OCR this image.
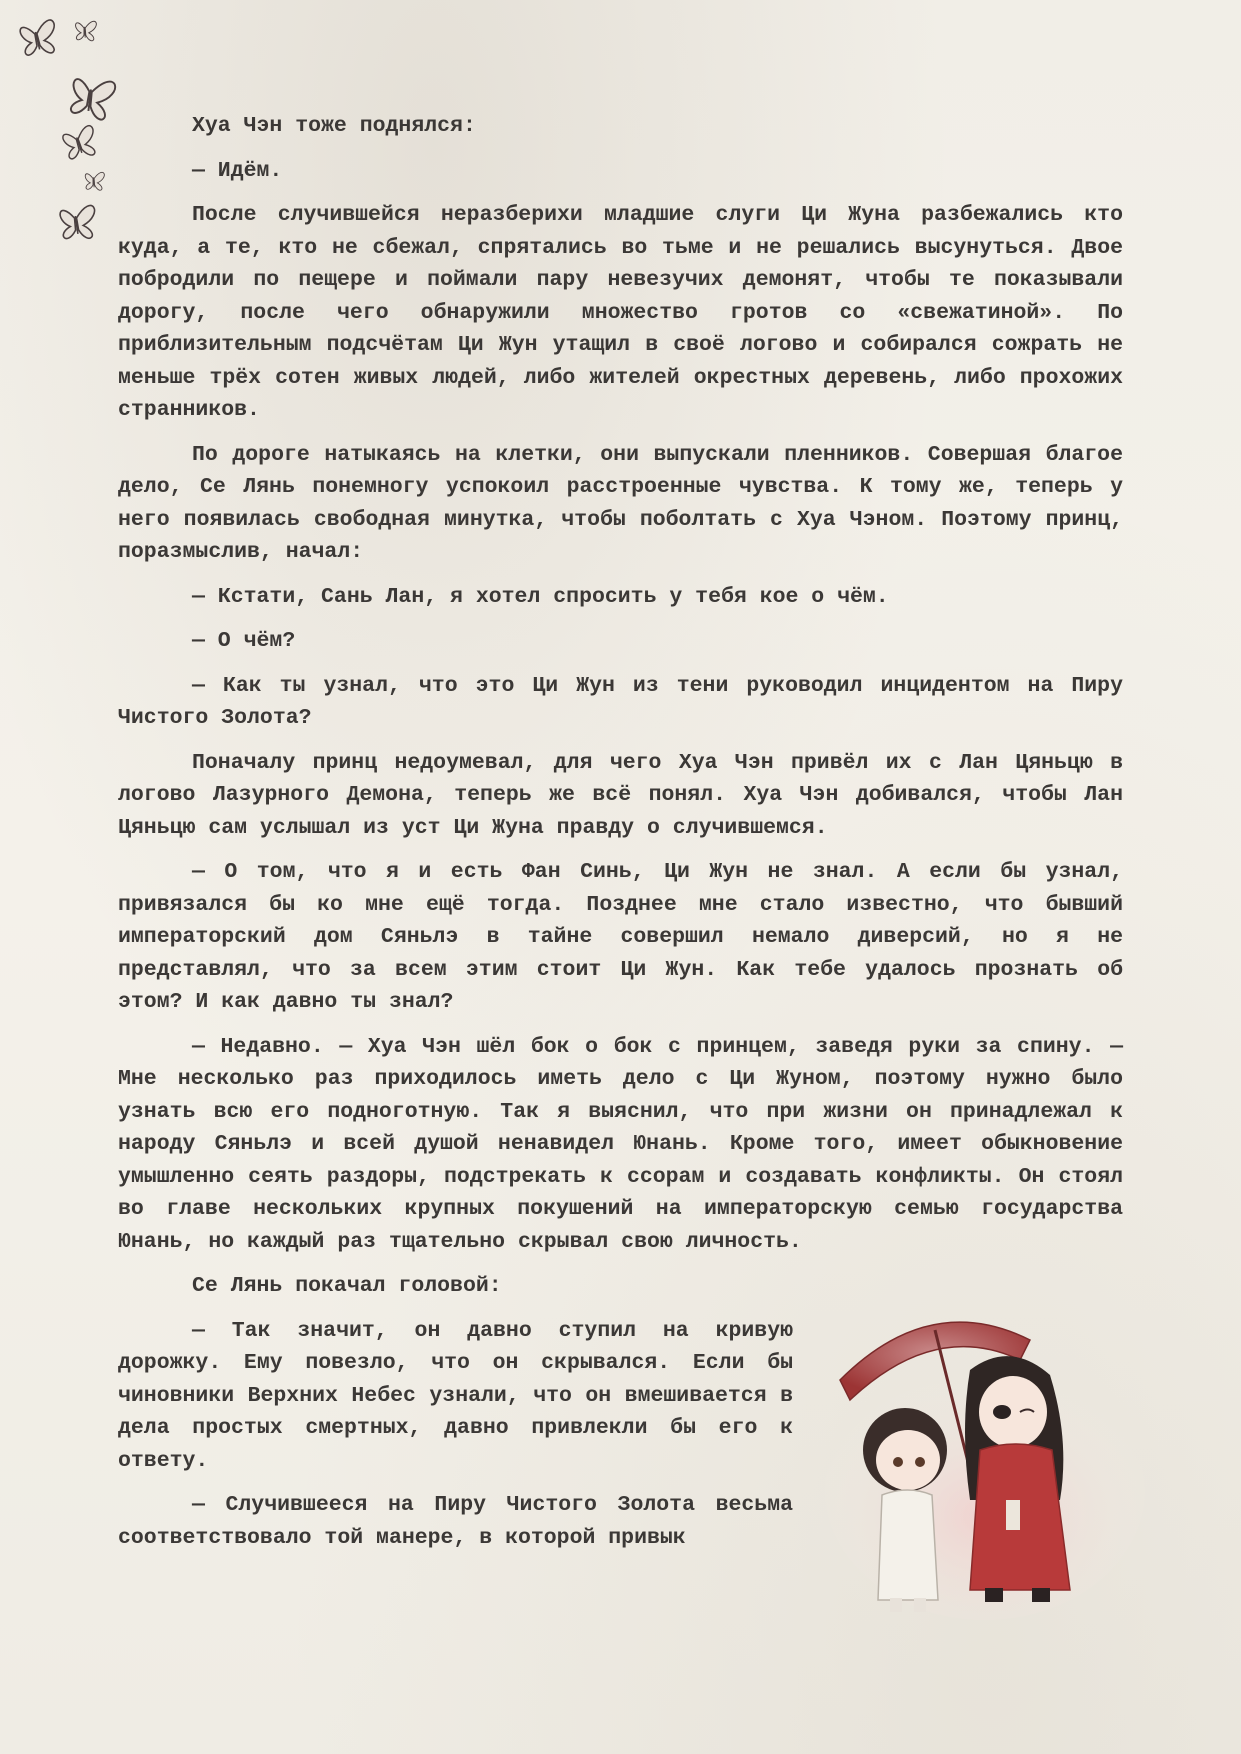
Хуа Чэн тоже поднялся:

— Идём.

После случившейся неразберихи младшие слуги Ци Жуна разбежались кто куда, а те, кто не сбежал, спрятались во тьме и не решались высунуться. Двое побродили по пещере и поймали пару невезучих демонят, чтобы те показывали дорогу, после чего обнаружили множество гротов со «свежатиной». По приблизительным подсчётам Ци Жун утащил в своё логово и собирался сожрать не меньше трёх сотен живых людей, либо жителей окрестных деревень, либо прохожих странников.

По дороге натыкаясь на клетки, они выпускали пленников. Совершая благое дело, Се Лянь понемногу успокоил расстроенные чувства. К тому же, теперь у него появилась свободная минутка, чтобы поболтать с Хуа Чэном. Поэтому принц, поразмыслив, начал:

— Кстати, Сань Лан, я хотел спросить у тебя кое о чём.

— О чём?

— Как ты узнал, что это Ци Жун из тени руководил инцидентом на Пиру Чистого Золота?

Поначалу принц недоумевал, для чего Хуа Чэн привёл их с Лан Цяньцю в логово Лазурного Демона, теперь же всё понял. Хуа Чэн добивался, чтобы Лан Цяньцю сам услышал из уст Ци Жуна правду о случившемся.

— О том, что я и есть Фан Синь, Ци Жун не знал. А если бы узнал, привязался бы ко мне ещё тогда. Позднее мне стало известно, что бывший императорский дом Сяньлэ в тайне совершил немало диверсий, но я не представлял, что за всем этим стоит Ци Жун. Как тебе удалось прознать об этом? И как давно ты знал?

— Недавно. — Хуа Чэн шёл бок о бок с принцем, заведя руки за спину. — Мне несколько раз приходилось иметь дело с Ци Жуном, поэтому нужно было узнать всю его подноготную. Так я выяснил, что при жизни он принадлежал к народу Сяньлэ и всей душой ненавидел Юнань. Кроме того, имеет обыкновение умышленно сеять раздоры, подстрекать к ссорам и создавать конфликты. Он стоял во главе нескольких крупных покушений на императорскую семью государства Юнань, но каждый раз тщательно скрывал свою личность.

Се Лянь покачал головой:

— Так значит, он давно ступил на кривую дорожку. Ему повезло, что он скрывался. Если бы чиновники Верхних Небес узнали, что он вмешивается в дела простых смертных, давно привлекли бы его к ответу.

— Случившееся на Пиру Чистого Золота весьма соответствовало той манере, в которой привык
